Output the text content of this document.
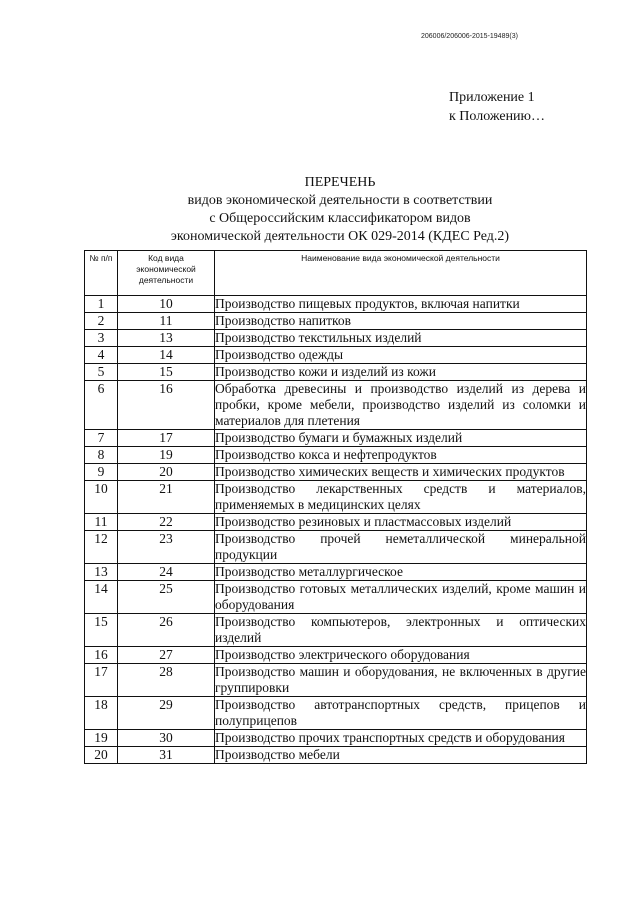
206006/206006-2015-19489(3)
Приложение 1
к Положению…
ПЕРЕЧЕНЬ
видов экономической деятельности в соответствии
с Общероссийским классификатором видов
экономической деятельности ОК 029-2014 (КДЕС Ред.2)
№ п/п	Код вида экономической деятельности	Наименование вида экономической деятельности
1	10	Производство пищевых продуктов, включая напитки
2	11	Производство напитков
3	13	Производство текстильных изделий
4	14	Производство одежды
5	15	Производство кожи и изделий из кожи
6	16	Обработка древесины и производство изделий из дерева и пробки, кроме мебели, производство изделий из соломки и материалов для плетения
7	17	Производство бумаги и бумажных изделий
8	19	Производство кокса и нефтепродуктов
9	20	Производство химических веществ и химических продуктов
10	21	Производство лекарственных средств и материалов, применяемых в медицинских целях
11	22	Производство резиновых и пластмассовых изделий
12	23	Производство прочей неметаллической минеральной продукции
13	24	Производство металлургическое
14	25	Производство готовых металлических изделий, кроме машин и оборудования
15	26	Производство компьютеров, электронных и оптических изделий
16	27	Производство электрического оборудования
17	28	Производство машин и оборудования, не включенных в другие группировки
18	29	Производство автотранспортных средств, прицепов и полуприцепов
19	30	Производство прочих транспортных средств и оборудования
20	31	Производство мебели
